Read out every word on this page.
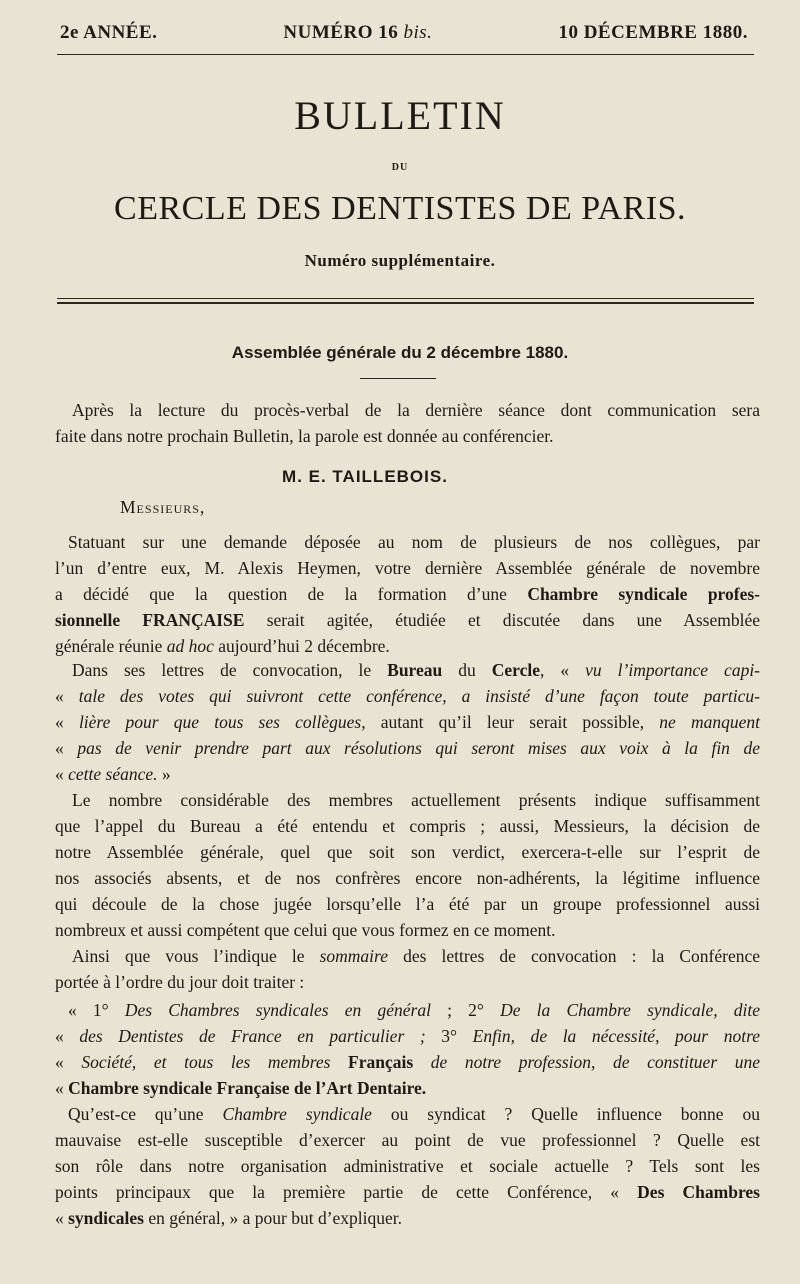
2e ANNÉE.	NUMÉRO 16 bis.	10 DÉCEMBRE 1880.
BULLETIN
DU
CERCLE DES DENTISTES DE PARIS.
Numéro supplémentaire.
Assemblée générale du 2 décembre 1880.
Après la lecture du procès-verbal de la dernière séance dont communication sera
faite dans notre prochain Bulletin, la parole est donnée au conférencier.
M. E. TAILLEBOIS.
Messieurs,
Statuant sur une demande déposée au nom de plusieurs de nos collègues, par
l’un d’entre eux, M. Alexis Heymen, votre dernière Assemblée générale de novembre
a décidé que la question de la formation d’une Chambre syndicale profes-
sionnelle FRANÇAISE serait agitée, étudiée et discutée dans une Assemblée
générale réunie ad hoc aujourd’hui 2 décembre.
Dans ses lettres de convocation, le Bureau du Cercle, « vu l’importance capi-
« tale des votes qui suivront cette conférence, a insisté d’une façon toute particu-
« lière pour que tous ses collègues, autant qu’il leur serait possible, ne manquent
« pas de venir prendre part aux résolutions qui seront mises aux voix à la fin de
« cette séance. »
Le nombre considérable des membres actuellement présents indique suffisamment
que l’appel du Bureau a été entendu et compris ; aussi, Messieurs, la décision de
notre Assemblée générale, quel que soit son verdict, exercera-t-elle sur l’esprit de
nos associés absents, et de nos confrères encore non-adhérents, la légitime influence
qui découle de la chose jugée lorsqu’elle l’a été par un groupe professionnel aussi
nombreux et aussi compétent que celui que vous formez en ce moment.
Ainsi que vous l’indique le sommaire des lettres de convocation : la Conférence
portée à l’ordre du jour doit traiter :
« 1° Des Chambres syndicales en général ; 2° De la Chambre syndicale, dite
« des Dentistes de France en particulier ; 3° Enfin, de la nécessité, pour notre
« Société, et tous les membres Français de notre profession, de constituer une
« Chambre syndicale Française de l’Art Dentaire.
Qu’est-ce qu’une Chambre syndicale ou syndicat ? Quelle influence bonne ou
mauvaise est-elle susceptible d’exercer au point de vue professionnel ? Quelle est
son rôle dans notre organisation administrative et sociale actuelle ? Tels sont les
points principaux que la première partie de cette Conférence, « Des Chambres
« syndicales en général, » a pour but d’expliquer.
